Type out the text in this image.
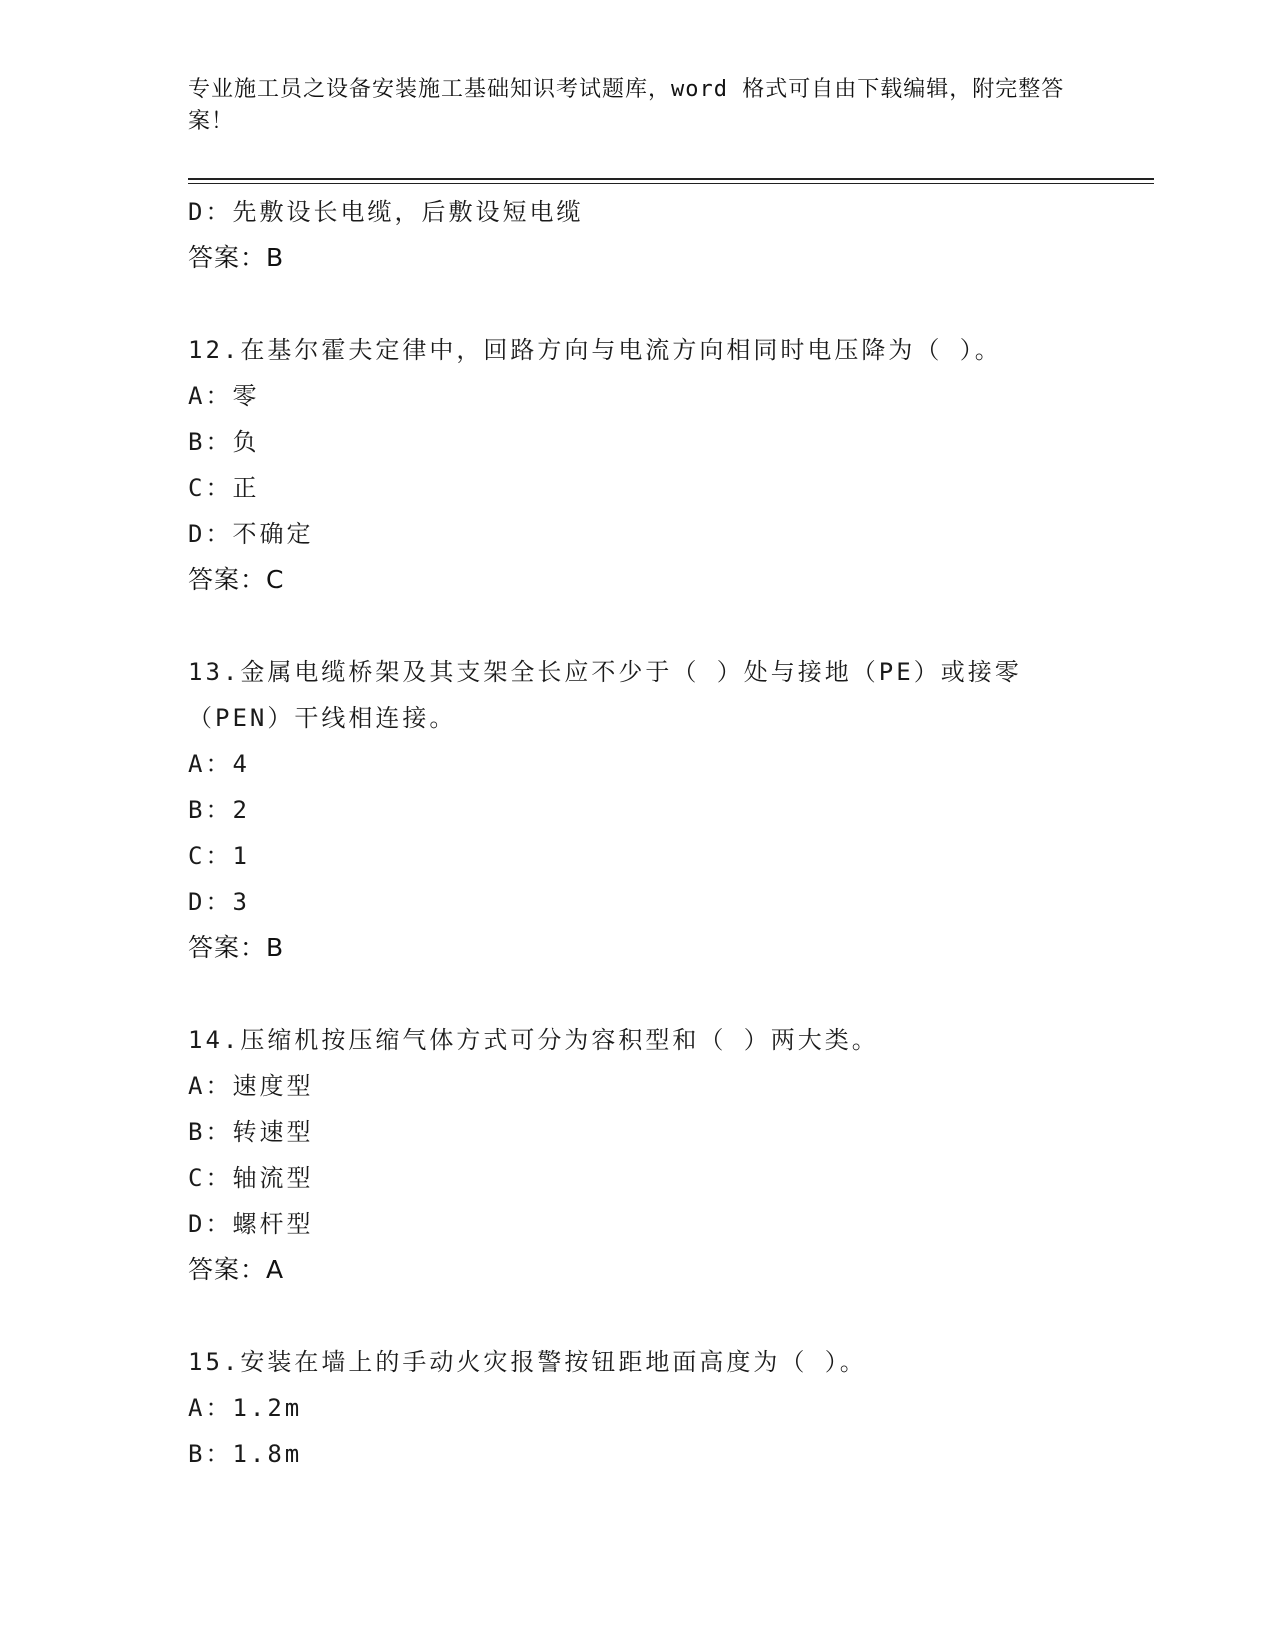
专业施工员之设备安装施工基础知识考试题库，word 格式可自由下载编辑，附完整答案！
D：先敷设长电缆，后敷设短电缆
答案：B
12.在基尔霍夫定律中，回路方向与电流方向相同时电压降为（ ）。
A：零
B：负
C：正
D：不确定
答案：C
13.金属电缆桥架及其支架全长应不少于（ ）处与接地（PE）或接零（PEN）干线相连接。
A：4
B：2
C：1
D：3
答案：B
14.压缩机按压缩气体方式可分为容积型和（ ）两大类。
A：速度型
B：转速型
C：轴流型
D：螺杆型
答案：A
15.安装在墙上的手动火灾报警按钮距地面高度为（ ）。
A：1.2m
B：1.8m
